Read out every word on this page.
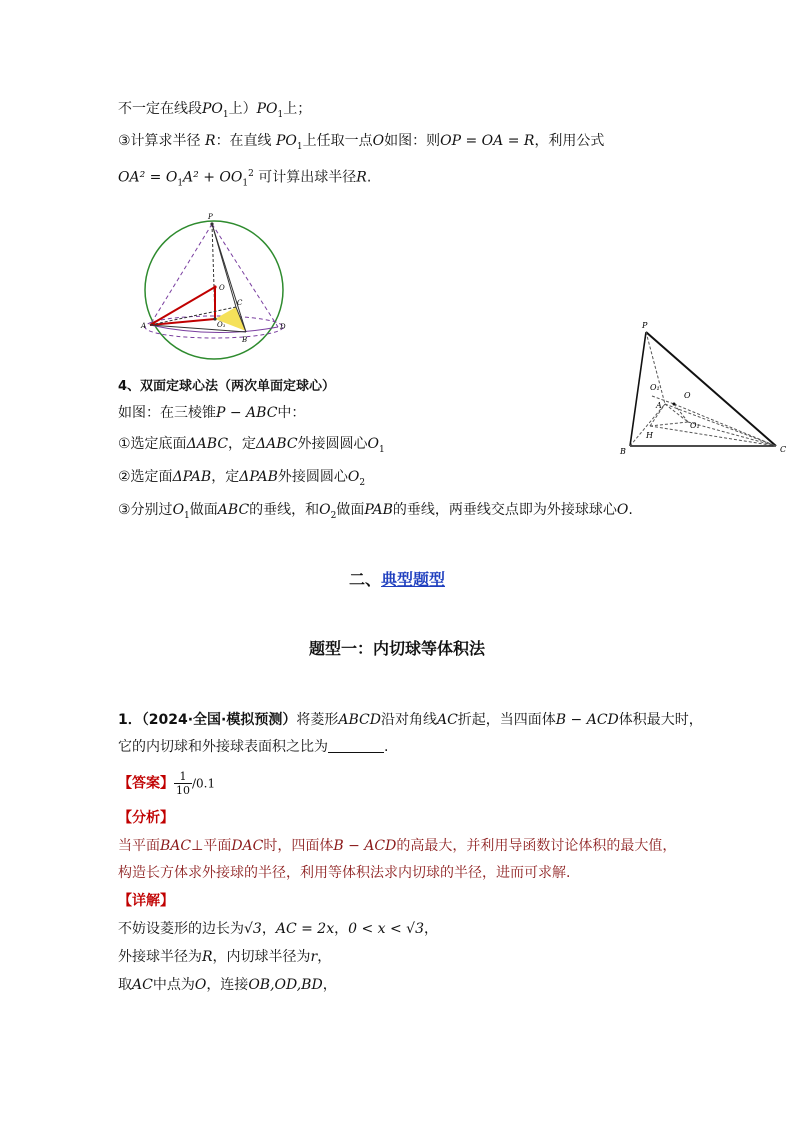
不一定在线段$PO_1$上）$PO_1$上；
③计算求半径 R：在直线 $PO_1$上任取一点O如图：则OP = OA = R，利用公式
$OA^2 = O_1A^2 + OO_1^2$ 可计算出球半径R.
P
O
A	O₁
C
B
D	P
O₁
A
O
O₁
H
B	C
4、双面定球心法（两次单面定球心）
如图：在三棱锥P − ABC中：
①选定底面ΔABC，定ΔABC外接圆圆心$O_1$
②选定面ΔPAB，定ΔPAB外接圆圆心$O_2$
③分别过$O_1$做面ABC的垂线，和$O_2$做面PAB的垂线，两垂线交点即为外接球球心O.
二、典型题型
题型一：内切球等体积法
1．（2024·全国·模拟预测）将菱形ABCD沿对角线AC折起，当四面体B − ACD体积最大时，
它的内切球和外接球表面积之比为	.
【答案】 $\frac{1}{10} /0.1$
【分析】
当平面BAC⊥平面DAC时，四面体B − ACD的高最大，并利用导函数讨论体积的最大值，
构造长方体求外接球的半径，利用等体积法求内切球的半径，进而可求解.
【详解】
不妨设菱形的边长为√3，AC = 2x，0 < x < √3，
外接球半径为R，内切球半径为r，
取AC中点为O，连接OB,OD,BD，
